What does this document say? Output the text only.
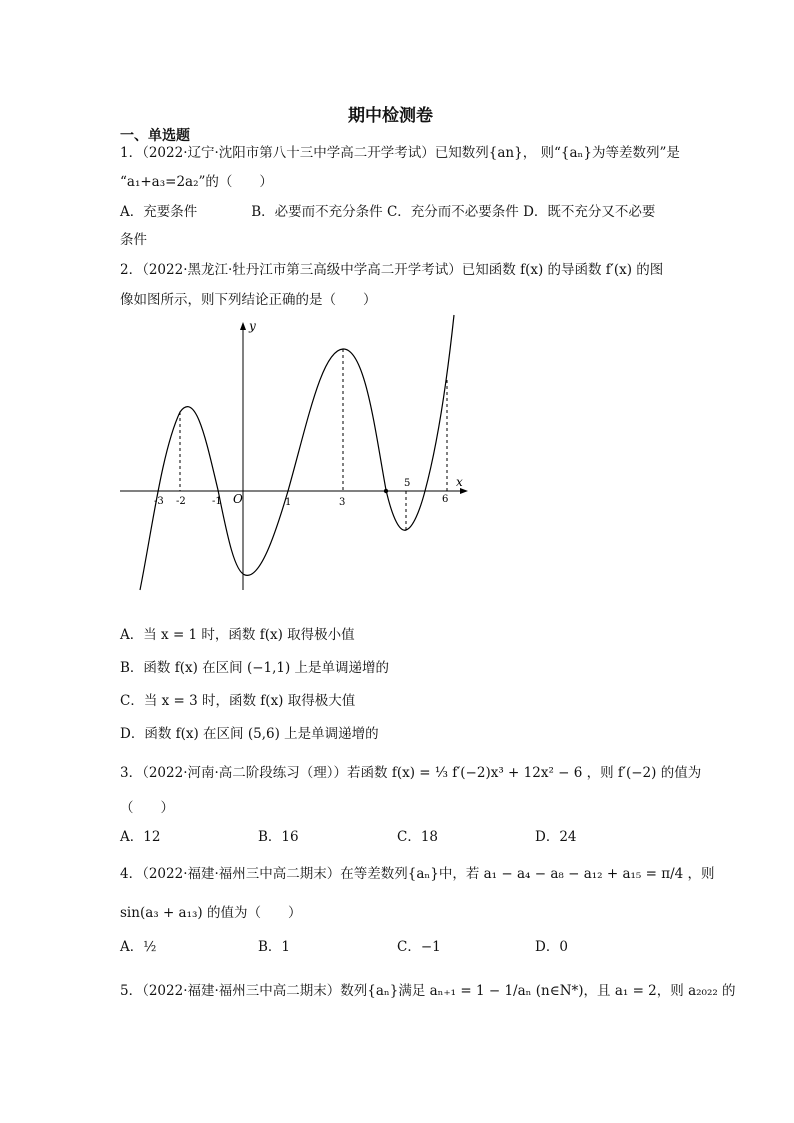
期中检测卷
一、单选题
1．（2022·辽宁·沈阳市第八十三中学高二开学考试）已知数列{an}， 则“{aₙ}为等差数列”是
“a₁+a₃=2a₂”的（　　）
A．充要条件　　　　B．必要而不充分条件 C．充分而不必要条件 D．既不充分又不必要
条件
2．（2022·黑龙江·牡丹江市第三高级中学高二开学考试）已知函数 f(x) 的导函数 f′(x) 的图
像如图所示，则下列结论正确的是（　　）
y
x
O
-3 -2	-1	1	3
5
6
A．当 x = 1 时，函数 f(x) 取得极小值
B．函数 f(x) 在区间 (−1,1) 上是单调递增的
C．当 x = 3 时，函数 f(x) 取得极大值
D．函数 f(x) 在区间 (5,6) 上是单调递增的
3．（2022·河南·高二阶段练习（理））若函数 f(x) = ⅓ f′(−2)x³ + 12x² − 6 ，则 f′(−2) 的值为
（　　）
A．12	B．16	C．18	D．24
4．（2022·福建·福州三中高二期末）在等差数列{aₙ}中，若 a₁ − a₄ − a₈ − a₁₂ + a₁₅ = π/4 ，则
sin(a₃ + a₁₃) 的值为（　　）
A．½	B．1	C．−1	D．0
5．（2022·福建·福州三中高二期末）数列{aₙ}满足 aₙ₊₁ = 1 − 1/aₙ (n∈N*)，且 a₁ = 2，则 a₂₀₂₂ 的
